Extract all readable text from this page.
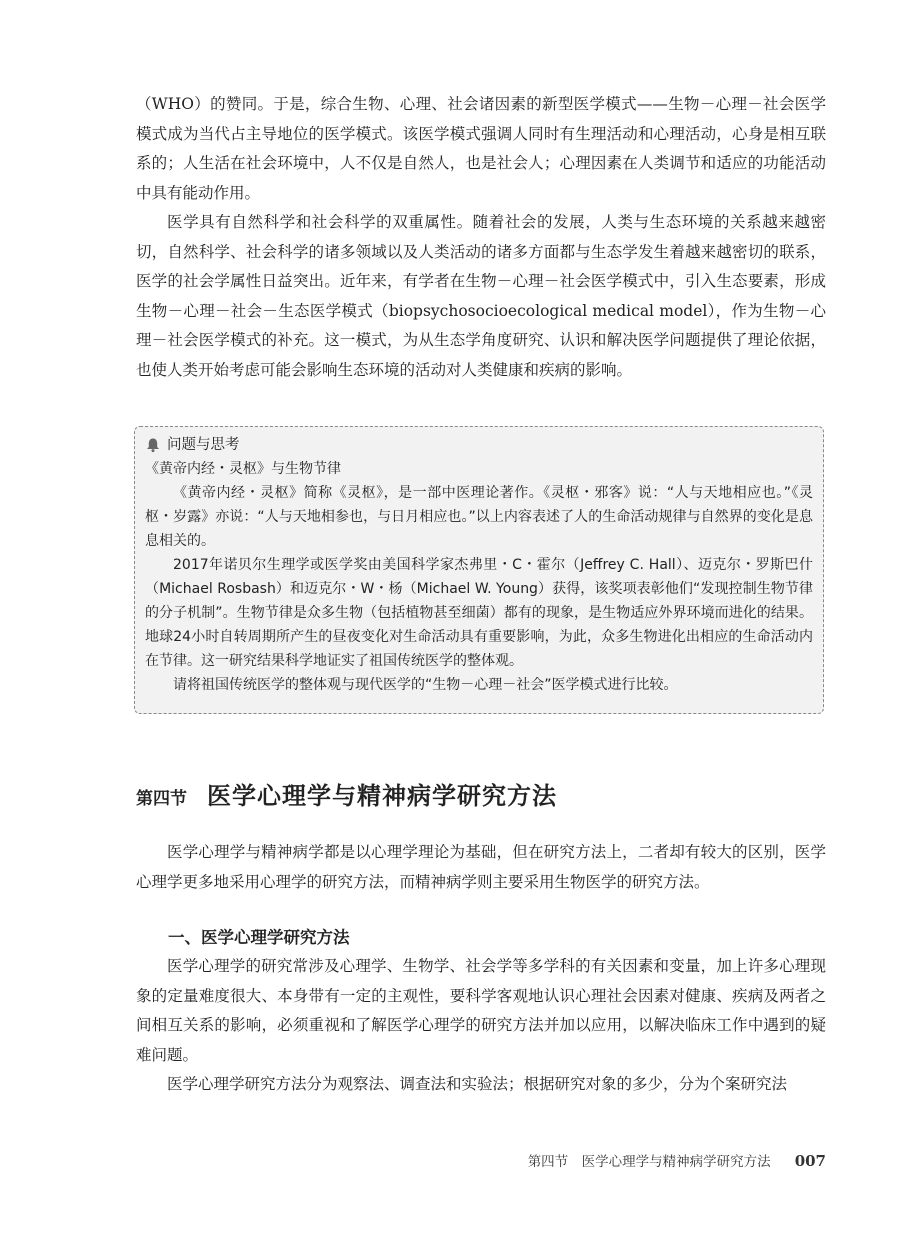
（WHO）的赞同。于是，综合生物、心理、社会诸因素的新型医学模式——生物－心理－社会医学模式成为当代占主导地位的医学模式。该医学模式强调人同时有生理活动和心理活动，心身是相互联系的；人生活在社会环境中，人不仅是自然人，也是社会人；心理因素在人类调节和适应的功能活动中具有能动作用。

医学具有自然科学和社会科学的双重属性。随着社会的发展，人类与生态环境的关系越来越密切，自然科学、社会科学的诸多领域以及人类活动的诸多方面都与生态学发生着越来越密切的联系，医学的社会学属性日益突出。近年来，有学者在生物－心理－社会医学模式中，引入生态要素，形成生物－心理－社会－生态医学模式（biopsychosocioecological medical model），作为生物－心理－社会医学模式的补充。这一模式，为从生态学角度研究、认识和解决医学问题提供了理论依据，也使人类开始考虑可能会影响生态环境的活动对人类健康和疾病的影响。

问题与思考

《黄帝内经・灵枢》与生物节律

《黄帝内经・灵枢》简称《灵枢》，是一部中医理论著作。《灵枢・邪客》说：“人与天地相应也。”《灵枢・岁露》亦说：“人与天地相参也，与日月相应也。”以上内容表述了人的生命活动规律与自然界的变化是息息相关的。

2017年诺贝尔生理学或医学奖由美国科学家杰弗里・C・霍尔（Jeffrey C. Hall）、迈克尔・罗斯巴什（Michael Rosbash）和迈克尔・W・杨（Michael W. Young）获得，该奖项表彰他们“发现控制生物节律的分子机制”。生物节律是众多生物（包括植物甚至细菌）都有的现象，是生物适应外界环境而进化的结果。地球24小时自转周期所产生的昼夜变化对生命活动具有重要影响，为此，众多生物进化出相应的生命活动内在节律。这一研究结果科学地证实了祖国传统医学的整体观。

请将祖国传统医学的整体观与现代医学的“生物－心理－社会”医学模式进行比较。

第四节 医学心理学与精神病学研究方法

医学心理学与精神病学都是以心理学理论为基础，但在研究方法上，二者却有较大的区别，医学心理学更多地采用心理学的研究方法，而精神病学则主要采用生物医学的研究方法。

一、医学心理学研究方法

医学心理学的研究常涉及心理学、生物学、社会学等多学科的有关因素和变量，加上许多心理现象的定量难度很大、本身带有一定的主观性，要科学客观地认识心理社会因素对健康、疾病及两者之间相互关系的影响，必须重视和了解医学心理学的研究方法并加以应用，以解决临床工作中遇到的疑难问题。

医学心理学研究方法分为观察法、调查法和实验法；根据研究对象的多少，分为个案研究法

第四节　医学心理学与精神病学研究方法 007
